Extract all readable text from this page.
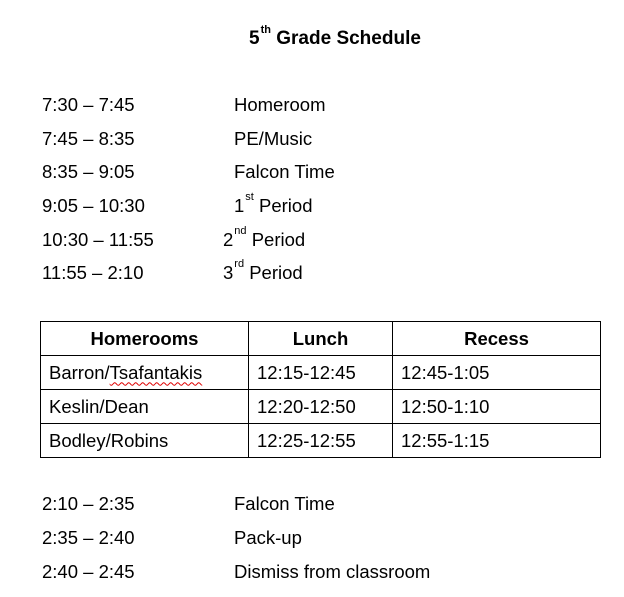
5th Grade Schedule
7:30 – 7:45	Homeroom
7:45 – 8:35	PE/Music
8:35 – 9:05	Falcon Time
9:05 – 10:30	1st Period
10:30 – 11:55	2nd Period
11:55 – 2:10	3rd Period
Homerooms	Lunch	Recess
Barron/Tsafantakis	12:15-12:45	12:45-1:05
Keslin/Dean	12:20-12:50	12:50-1:10
Bodley/Robins	12:25-12:55	12:55-1:15
2:10 – 2:35	Falcon Time
2:35 – 2:40	Pack-up
2:40 – 2:45	Dismiss from classroom
